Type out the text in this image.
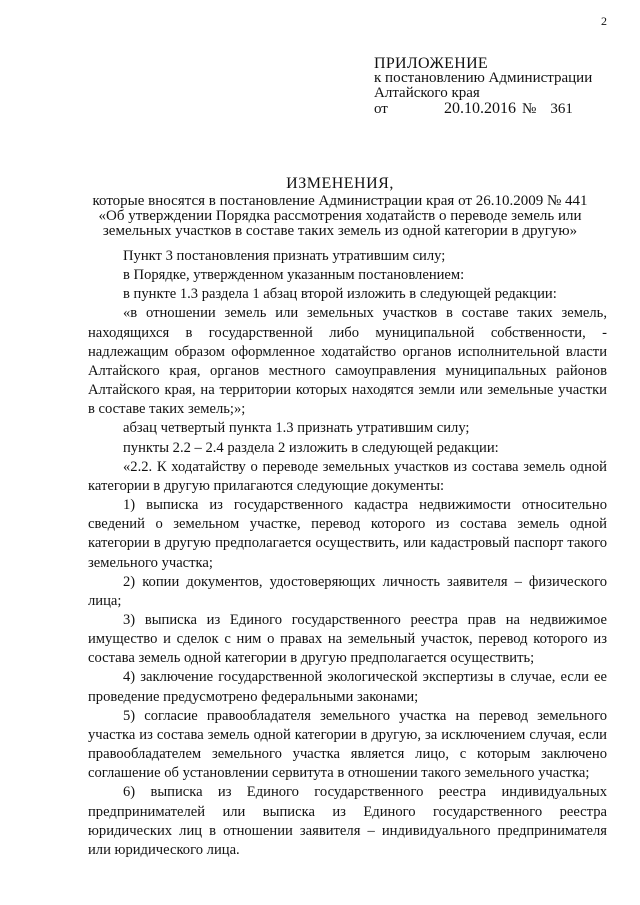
2
ПРИЛОЖЕНИЕ
к постановлению Администрации
Алтайского края
от	20.10.2016 № 361
ИЗМЕНЕНИЯ,
которые вносятся в постановление Администрации края от 26.10.2009 № 441
«Об утверждении Порядка рассмотрения ходатайств о переводе земель или
земельных участков в составе таких земель из одной категории в другую»

Пункт 3 постановления признать утратившим силу;

в Порядке, утвержденном указанным постановлением:

в пункте 1.3 раздела 1 абзац второй изложить в следующей редакции:

«в отношении земель или земельных участков в составе таких земель, находящихся в государственной либо муниципальной собственности, - надлежащим образом оформленное ходатайство органов исполнительной власти Алтайского края, органов местного самоуправления муниципальных районов Алтайского края, на территории которых находятся земли или земельные участки в составе таких земель;»;

абзац четвертый пункта 1.3 признать утратившим силу;

пункты 2.2 – 2.4 раздела 2 изложить в следующей редакции:

«2.2. К ходатайству о переводе земельных участков из состава земель одной категории в другую прилагаются следующие документы:

1) выписка из государственного кадастра недвижимости относительно сведений о земельном участке, перевод которого из состава земель одной категории в другую предполагается осуществить, или кадастровый паспорт такого земельного участка;

2) копии документов, удостоверяющих личность заявителя – физического лица;

3) выписка из Единого государственного реестра прав на недвижимое имущество и сделок с ним о правах на земельный участок, перевод которого из состава земель одной категории в другую предполагается осуществить;

4) заключение государственной экологической экспертизы в случае, если ее проведение предусмотрено федеральными законами;

5) согласие правообладателя земельного участка на перевод земельного участка из состава земель одной категории в другую, за исключением случая, если правообладателем земельного участка является лицо, с которым заключено соглашение об установлении сервитута в отношении такого земельного участка;

6) выписка из Единого государственного реестра индивидуальных предпринимателей или выписка из Единого государственного реестра юридических лиц в отношении заявителя – индивидуального предпринимателя или юридического лица.
